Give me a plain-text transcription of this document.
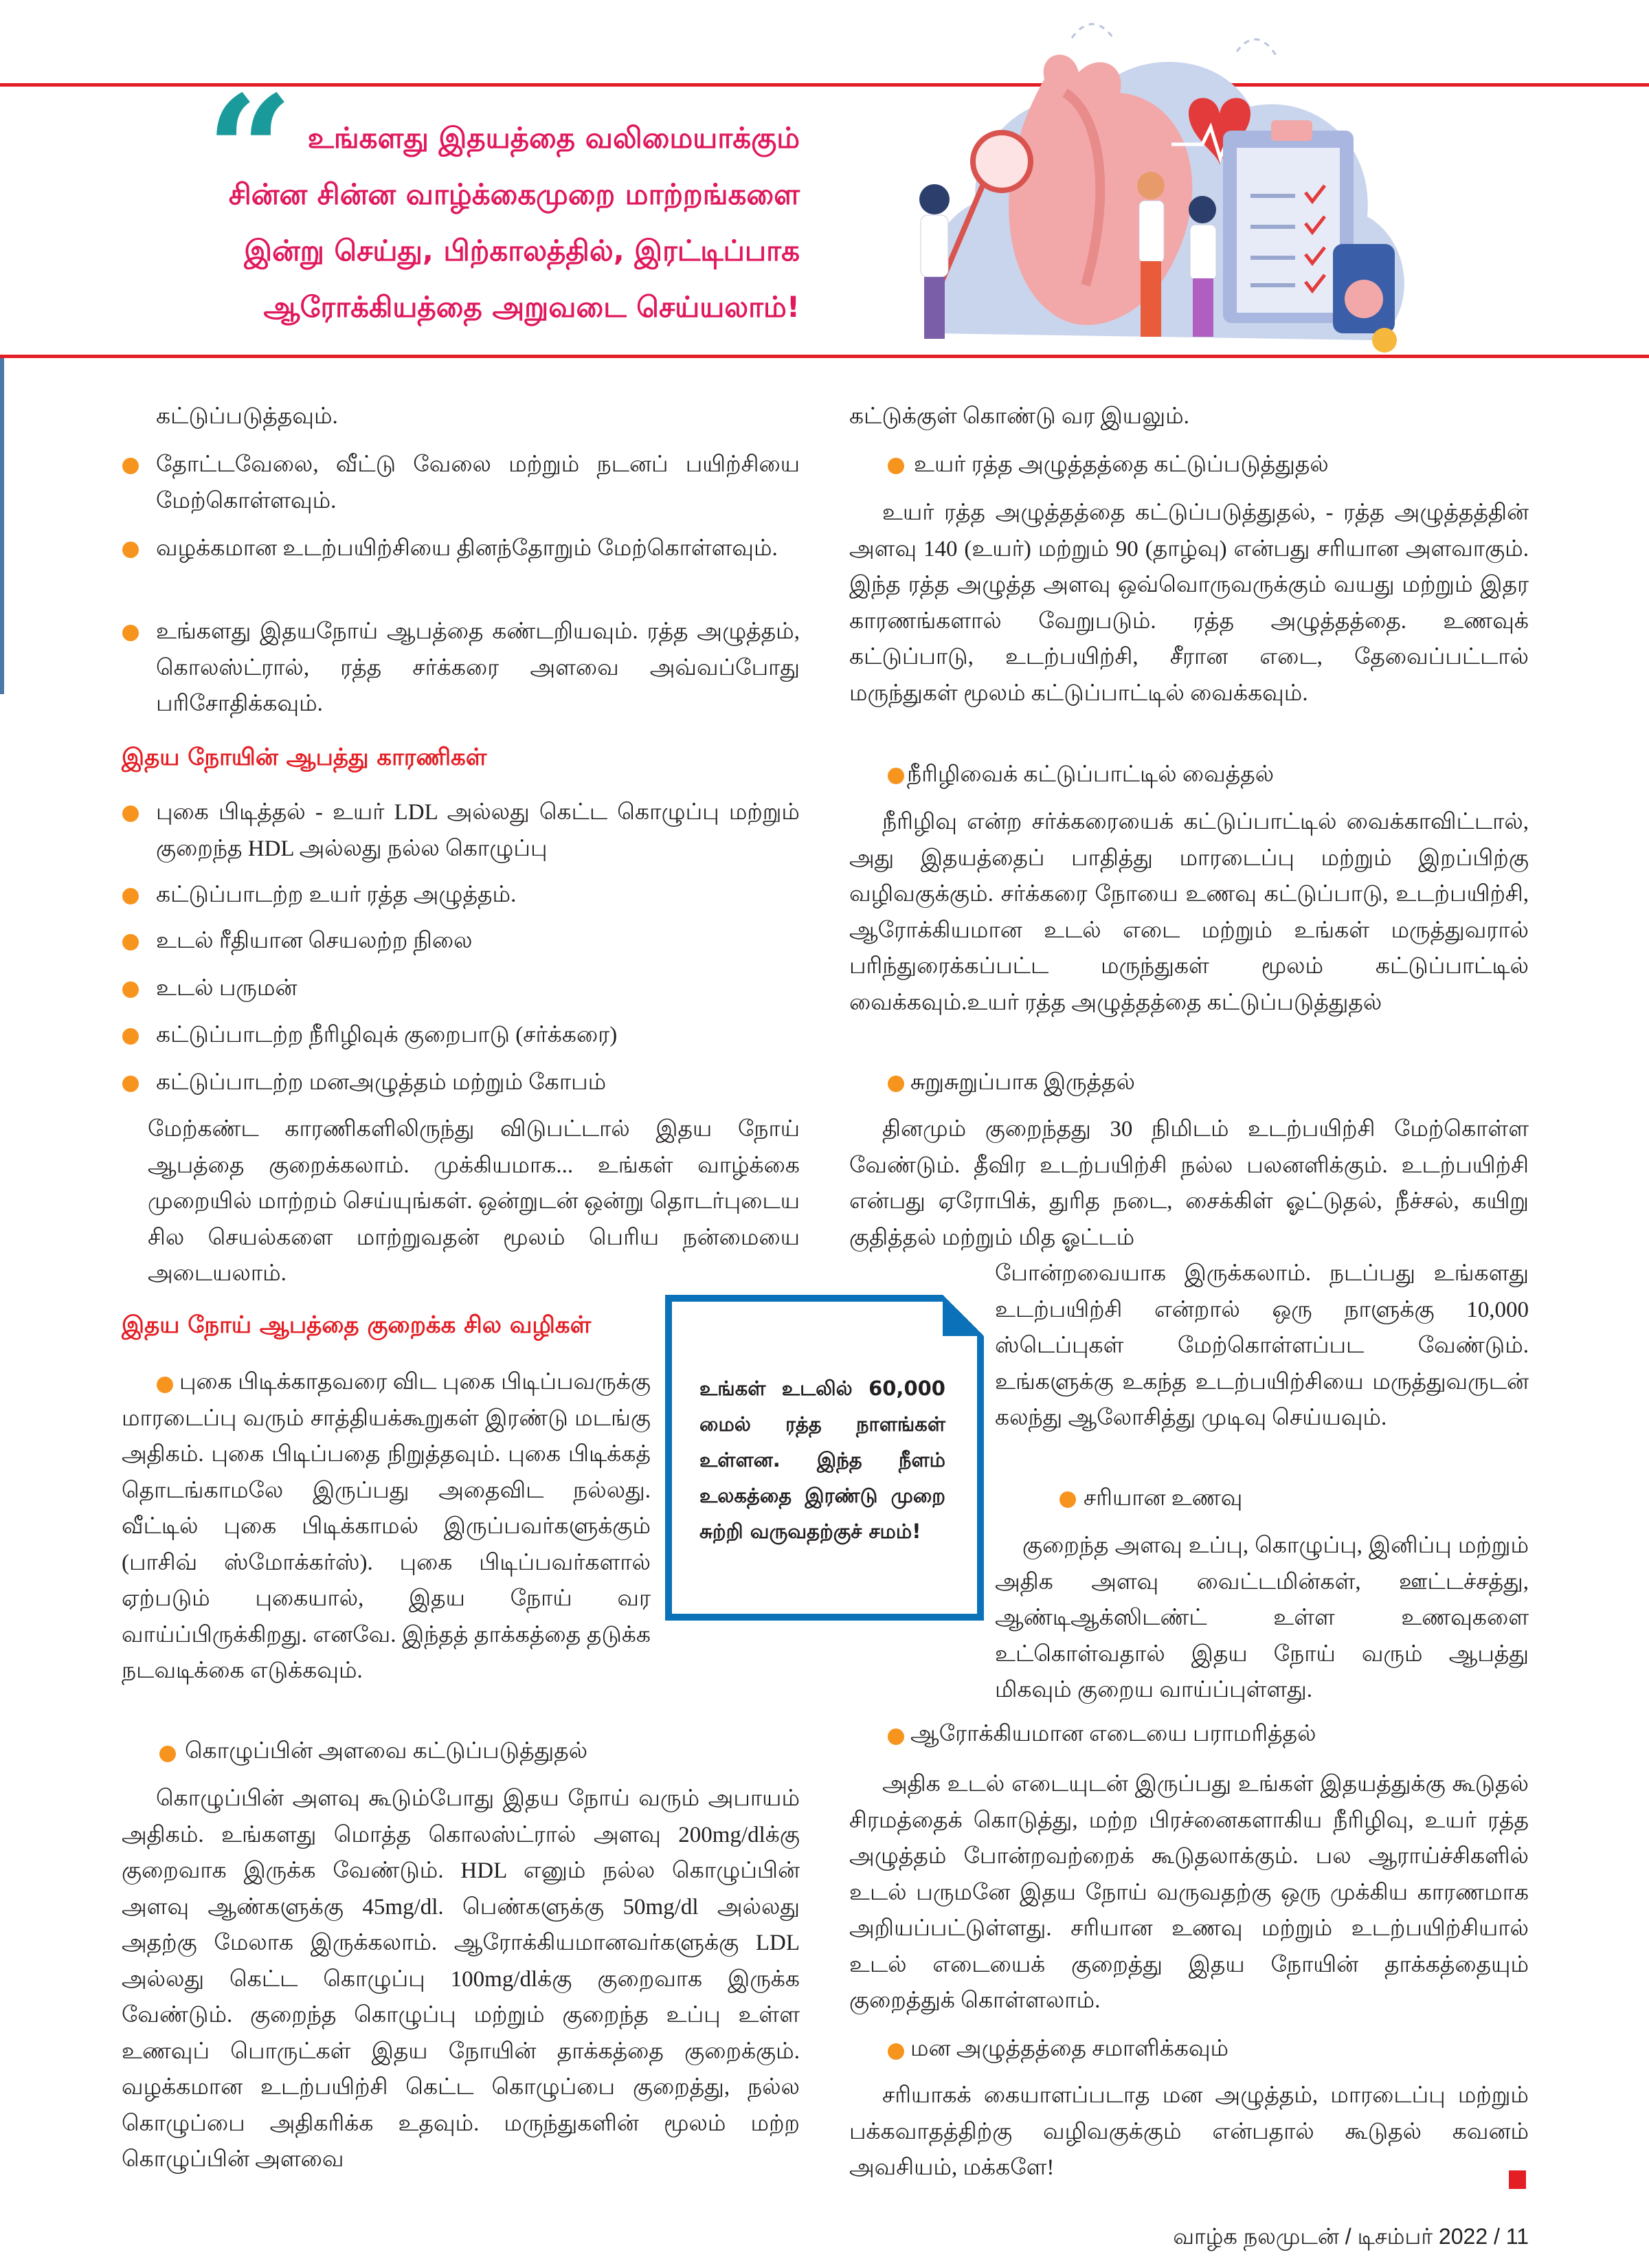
“ உங்களது இதயத்தை வலிமையாக்கும்
சின்ன சின்ன வாழ்க்கைமுறை மாற்றங்களை
இன்று செய்து, பிற்காலத்தில், இரட்டிப்பாக
ஆரோக்கியத்தை அறுவடை செய்யலாம்!
கட்டுப்படுத்தவும்.
தோட்டவேலை, வீட்டு வேலை மற்றும் நடனப் பயிற்சியை மேற்கொள்ளவும்.
வழக்கமான உடற்பயிற்சியை தினந்தோறும் மேற்கொள்ளவும்.
உங்களது இதயநோய் ஆபத்தை கண்டறியவும். ரத்த அழுத்தம், கொலஸ்ட்ரால், ரத்த சர்க்கரை அளவை அவ்வப்போது பரிசோதிக்கவும்.
இதய நோயின் ஆபத்து காரணிகள்
புகை பிடித்தல் - உயர் LDL அல்லது கெட்ட கொழுப்பு மற்றும் குறைந்த HDL அல்லது நல்ல கொழுப்பு
கட்டுப்பாடற்ற உயர் ரத்த அழுத்தம்.
உடல் ரீதியான செயலற்ற நிலை
உடல் பருமன்
கட்டுப்பாடற்ற நீரிழிவுக் குறைபாடு (சர்க்கரை)
கட்டுப்பாடற்ற மனஅழுத்தம் மற்றும் கோபம்
மேற்கண்ட காரணிகளிலிருந்து விடுபட்டால் இதய நோய் ஆபத்தை குறைக்கலாம். முக்கியமாக... உங்கள் வாழ்க்கை முறையில் மாற்றம் செய்யுங்கள். ஒன்றுடன் ஒன்று தொடர்புடைய சில செயல்களை மாற்றுவதன் மூலம் பெரிய நன்மையை அடையலாம்.
இதய நோய் ஆபத்தை குறைக்க சில வழிகள்
புகை பிடிக்காதவரை விட புகை பிடிப்பவருக்கு மாரடைப்பு வரும் சாத்தியக்கூறுகள் இரண்டு மடங்கு அதிகம். புகை பிடிப்பதை நிறுத்தவும். புகை பிடிக்கத் தொடங்காமலே இருப்பது அதைவிட நல்லது. வீட்டில் புகை பிடிக்காமல் இருப்பவர்களுக்கும் (பாசிவ் ஸ்மோக்கர்ஸ்). புகை பிடிப்பவர்களால் ஏற்படும் புகையால், இதய நோய் வர வாய்ப்பிருக்கிறது. எனவே. இந்தத் தாக்கத்தை தடுக்க நடவடிக்கை எடுக்கவும்.
கொழுப்பின் அளவை கட்டுப்படுத்துதல்
கொழுப்பின் அளவு கூடும்போது இதய நோய் வரும் அபாயம் அதிகம். உங்களது மொத்த கொலஸ்ட்ரால் அளவு 200mg/dlக்கு குறைவாக இருக்க வேண்டும். HDL எனும் நல்ல கொழுப்பின் அளவு ஆண்களுக்கு 45mg/dl. பெண்களுக்கு 50mg/dl அல்லது அதற்கு மேலாக இருக்கலாம். ஆரோக்கியமானவர்களுக்கு LDL அல்லது கெட்ட கொழுப்பு 100mg/dlக்கு குறைவாக இருக்க வேண்டும். குறைந்த கொழுப்பு மற்றும் குறைந்த உப்பு உள்ள உணவுப் பொருட்கள் இதய நோயின் தாக்கத்தை குறைக்கும். வழக்கமான உடற்பயிற்சி கெட்ட கொழுப்பை குறைத்து, நல்ல கொழுப்பை அதிகரிக்க உதவும். மருந்துகளின் மூலம் மற்ற கொழுப்பின் அளவை
உங்கள் உடலில் 60,000 மைல் ரத்த நாளங்கள் உள்ளன. இந்த நீளம் உலகத்தை இரண்டு முறை சுற்றி வருவதற்குச் சமம்!
கட்டுக்குள் கொண்டு வர இயலும்.
உயர் ரத்த அழுத்தத்தை கட்டுப்படுத்துதல்
உயர் ரத்த அழுத்தத்தை கட்டுப்படுத்துதல், - ரத்த அழுத்தத்தின் அளவு 140 (உயர்) மற்றும் 90 (தாழ்வு) என்பது சரியான அளவாகும். இந்த ரத்த அழுத்த அளவு ஒவ்வொருவருக்கும் வயது மற்றும் இதர காரணங்களால் வேறுபடும். ரத்த அழுத்தத்தை. உணவுக் கட்டுப்பாடு, உடற்பயிற்சி, சீரான எடை, தேவைப்பட்டால் மருந்துகள் மூலம் கட்டுப்பாட்டில் வைக்கவும்.
நீரிழிவைக் கட்டுப்பாட்டில் வைத்தல்
நீரிழிவு என்ற சர்க்கரையைக் கட்டுப்பாட்டில் வைக்காவிட்டால், அது இதயத்தைப் பாதித்து மாரடைப்பு மற்றும் இறப்பிற்கு வழிவகுக்கும். சர்க்கரை நோயை உணவு கட்டுப்பாடு, உடற்பயிற்சி, ஆரோக்கியமான உடல் எடை மற்றும் உங்கள் மருத்துவரால் பரிந்துரைக்கப்பட்ட மருந்துகள் மூலம் கட்டுப்பாட்டில் வைக்கவும்.உயர் ரத்த அழுத்தத்தை கட்டுப்படுத்துதல்
சுறுசுறுப்பாக இருத்தல்
தினமும் குறைந்தது 30 நிமிடம் உடற்பயிற்சி மேற்கொள்ள வேண்டும். தீவிர உடற்பயிற்சி நல்ல பலனளிக்கும். உடற்பயிற்சி என்பது ஏரோபிக், துரித நடை, சைக்கிள் ஓட்டுதல், நீச்சல், கயிறு குதித்தல் மற்றும் மித ஓட்டம்
போன்றவையாக இருக்கலாம். நடப்பது உங்களது உடற்பயிற்சி என்றால் ஒரு நாளுக்கு 10,000 ஸ்டெப்புகள் மேற்கொள்ளப்பட வேண்டும். உங்களுக்கு உகந்த உடற்பயிற்சியை மருத்துவருடன் கலந்து ஆலோசித்து முடிவு செய்யவும்.
சரியான உணவு
குறைந்த அளவு உப்பு, கொழுப்பு, இனிப்பு மற்றும் அதிக அளவு வைட்டமின்கள், ஊட்டச்சத்து, ஆண்டிஆக்ஸிடண்ட் உள்ள உணவுகளை உட்கொள்வதால் இதய நோய் வரும் ஆபத்து மிகவும் குறைய வாய்ப்புள்ளது.
ஆரோக்கியமான எடையை பராமரித்தல்
அதிக உடல் எடையுடன் இருப்பது உங்கள் இதயத்துக்கு கூடுதல் சிரமத்தைக் கொடுத்து, மற்ற பிரச்னைகளாகிய நீரிழிவு, உயர் ரத்த அழுத்தம் போன்றவற்றைக் கூடுதலாக்கும். பல ஆராய்ச்சிகளில் உடல் பருமனே இதய நோய் வருவதற்கு ஒரு முக்கிய காரணமாக அறியப்பட்டுள்ளது. சரியான உணவு மற்றும் உடற்பயிற்சியால் உடல் எடையைக் குறைத்து இதய நோயின் தாக்கத்தையும் குறைத்துக் கொள்ளலாம்.
மன அழுத்தத்தை சமாளிக்கவும்
சரியாகக் கையாளப்படாத மன அழுத்தம், மாரடைப்பு மற்றும் பக்கவாதத்திற்கு வழிவகுக்கும் என்பதால் கூடுதல் கவனம் அவசியம், மக்களே!
வாழ்க நலமுடன் / டிசம்பர் 2022 / 11
